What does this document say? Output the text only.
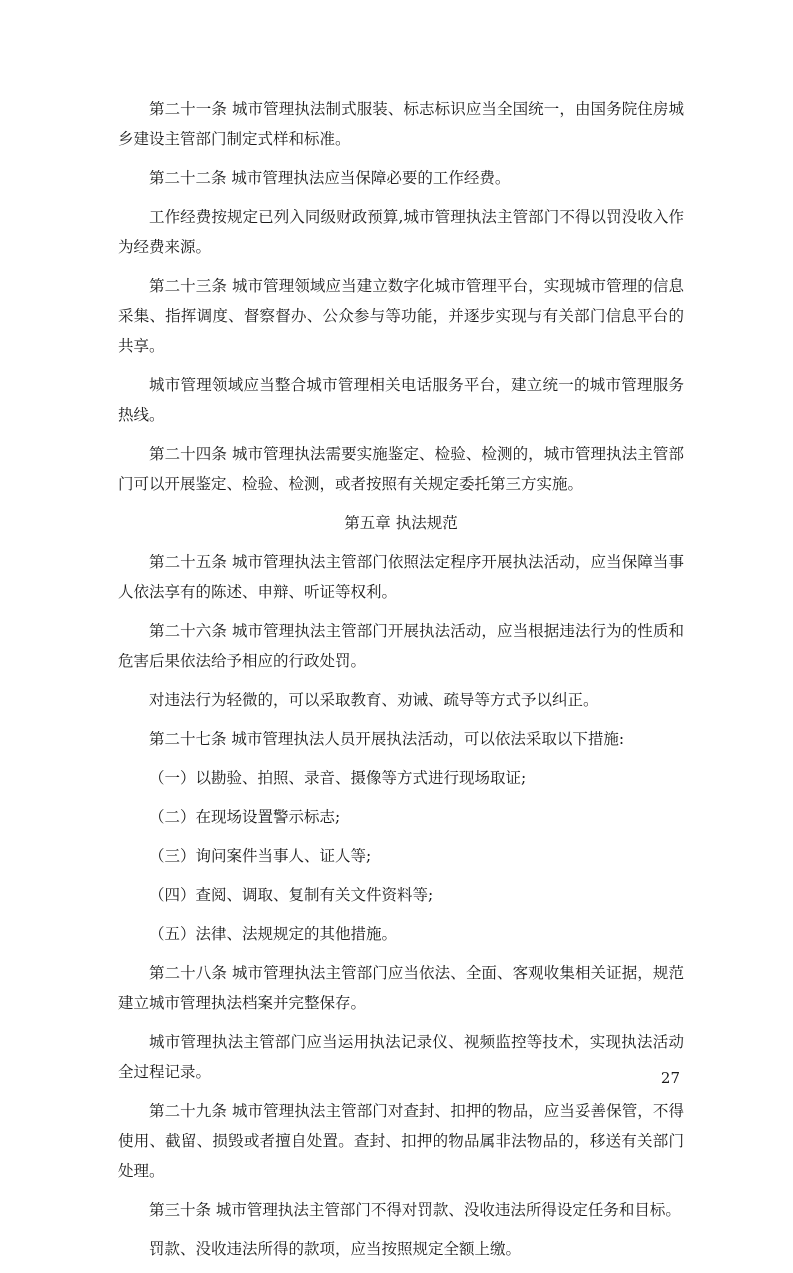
第二十一条 城市管理执法制式服装、标志标识应当全国统一，由国务院住房城乡建设主管部门制定式样和标准。

第二十二条 城市管理执法应当保障必要的工作经费。

工作经费按规定已列入同级财政预算,城市管理执法主管部门不得以罚没收入作为经费来源。

第二十三条 城市管理领域应当建立数字化城市管理平台，实现城市管理的信息采集、指挥调度、督察督办、公众参与等功能，并逐步实现与有关部门信息平台的共享。

城市管理领域应当整合城市管理相关电话服务平台，建立统一的城市管理服务热线。

第二十四条 城市管理执法需要实施鉴定、检验、检测的，城市管理执法主管部门可以开展鉴定、检验、检测，或者按照有关规定委托第三方实施。

第五章 执法规范

第二十五条 城市管理执法主管部门依照法定程序开展执法活动，应当保障当事人依法享有的陈述、申辩、听证等权利。

第二十六条 城市管理执法主管部门开展执法活动，应当根据违法行为的性质和危害后果依法给予相应的行政处罚。

对违法行为轻微的，可以采取教育、劝诫、疏导等方式予以纠正。

第二十七条 城市管理执法人员开展执法活动，可以依法采取以下措施:

（一）以勘验、拍照、录音、摄像等方式进行现场取证;

（二）在现场设置警示标志;

（三）询问案件当事人、证人等;

（四）查阅、调取、复制有关文件资料等;

（五）法律、法规规定的其他措施。

第二十八条 城市管理执法主管部门应当依法、全面、客观收集相关证据，规范建立城市管理执法档案并完整保存。

城市管理执法主管部门应当运用执法记录仪、视频监控等技术，实现执法活动全过程记录。

第二十九条 城市管理执法主管部门对查封、扣押的物品，应当妥善保管，不得使用、截留、损毁或者擅自处置。查封、扣押的物品属非法物品的，移送有关部门处理。

第三十条 城市管理执法主管部门不得对罚款、没收违法所得设定任务和目标。

罚款、没收违法所得的款项，应当按照规定全额上缴。

27
